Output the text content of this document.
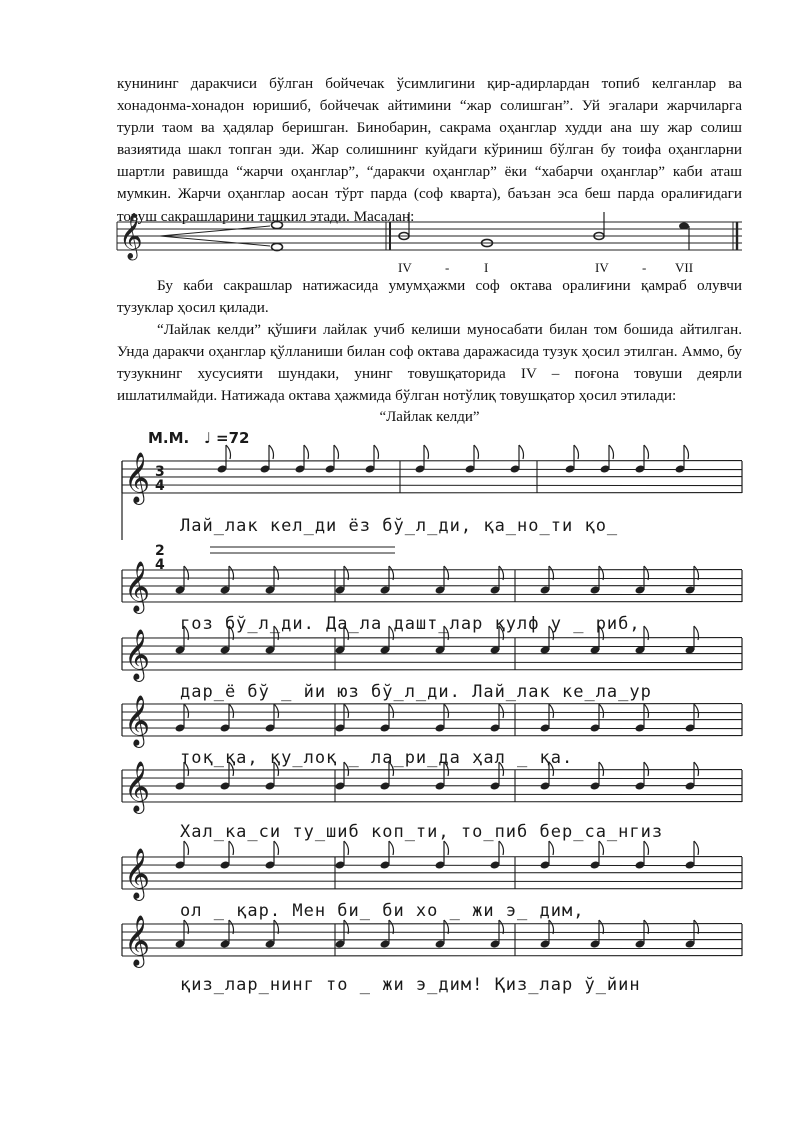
кунининг даракчиси бўлган бойчечак ўсимлигини қир-адирлардан топиб келганлар ва хонадонма-хонадон юришиб, бойчечак айтимини “жар солишган”. Уй эгалари жарчиларга турли таом ва ҳадялар беришган. Бинобарин, сакрама оҳанглар худди ана шу жар солиш вазиятида шакл топган эди. Жар солишнинг куйдаги кўриниш бўлган бу тоифа оҳангларни шартли равишда “жарчи оҳанглар”, “даракчи оҳанглар” ёки “хабарчи оҳанглар” каби аташ мумкин. Жарчи оҳанглар аосан тўрт парда (соф кварта), баъзан эса беш парда оралиғидаги товуш сакрашларини ташкил этади. Масалан:

𝄞
IV	-	I	IV	- VII

Бу каби сакрашлар натижасида умумҳажми соф октава оралиғини қамраб олувчи тузуклар ҳосил қилади.

“Лайлак келди” қўшиғи лайлак учиб келиши муносабати билан том бошида айтилган. Унда даракчи оҳанглар қўлланиши билан соф октава даражасида тузук ҳосил этилган. Аммо, бу тузукнинг хусусияти шундаки, унинг товушқаторида IV – поғона товуши деярли ишлатилмайди. Натижада октава ҳажмида бўлган нотўлиқ товушқатор ҳосил этилади:

“Лайлак келди”
M.M. ♩ =72
3
4
2
4
𝄞
𝄞
𝄞
𝄞
𝄞
𝄞
𝄞
Лай_лак кел_ди ёз бў_л_ди, қа_но_ти қо_
гоз бў_л_ди. Да_ла дашт_лар қулф у _ риб,
дар_ё бў _ йи юз бў_л_ди. Лай_лак ке_ла_ур
тоқ_қа, қу_лоқ _ ла_ри_да ҳал _ қа.
Хал_ка_си ту_шиб коп_ти, то_пиб бер_са_нгиз
ол _ қар. Мен би_ би хо _ жи э_ дим,
қиз_лар_нинг то _ жи э_дим! Қиз_лар ў_йин
